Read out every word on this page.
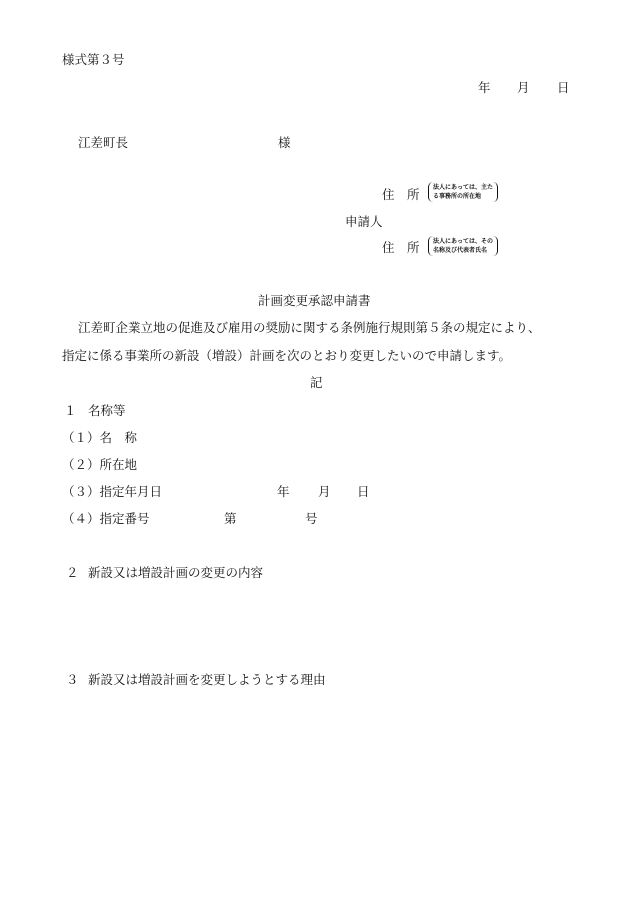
様式第３号
年 月 日
江差町長	様
住　所 法人にあっては、主た
る事務所の所在地
申請人
住　所 法人にあっては、その
名称及び代表者氏名
計画変更承認申請書
江差町企業立地の促進及び雇用の奨励に関する条例施行規則第５条の規定により、
指定に係る事業所の新設（増設）計画を次のとおり変更したいので申請します。
記
１ 名称等
（１）名　称
（２）所在地
（３）指定年月日	年 月 日
（４）指定番号	第	号
２ 新設又は増設計画の変更の内容
３ 新設又は増設計画を変更しようとする理由
